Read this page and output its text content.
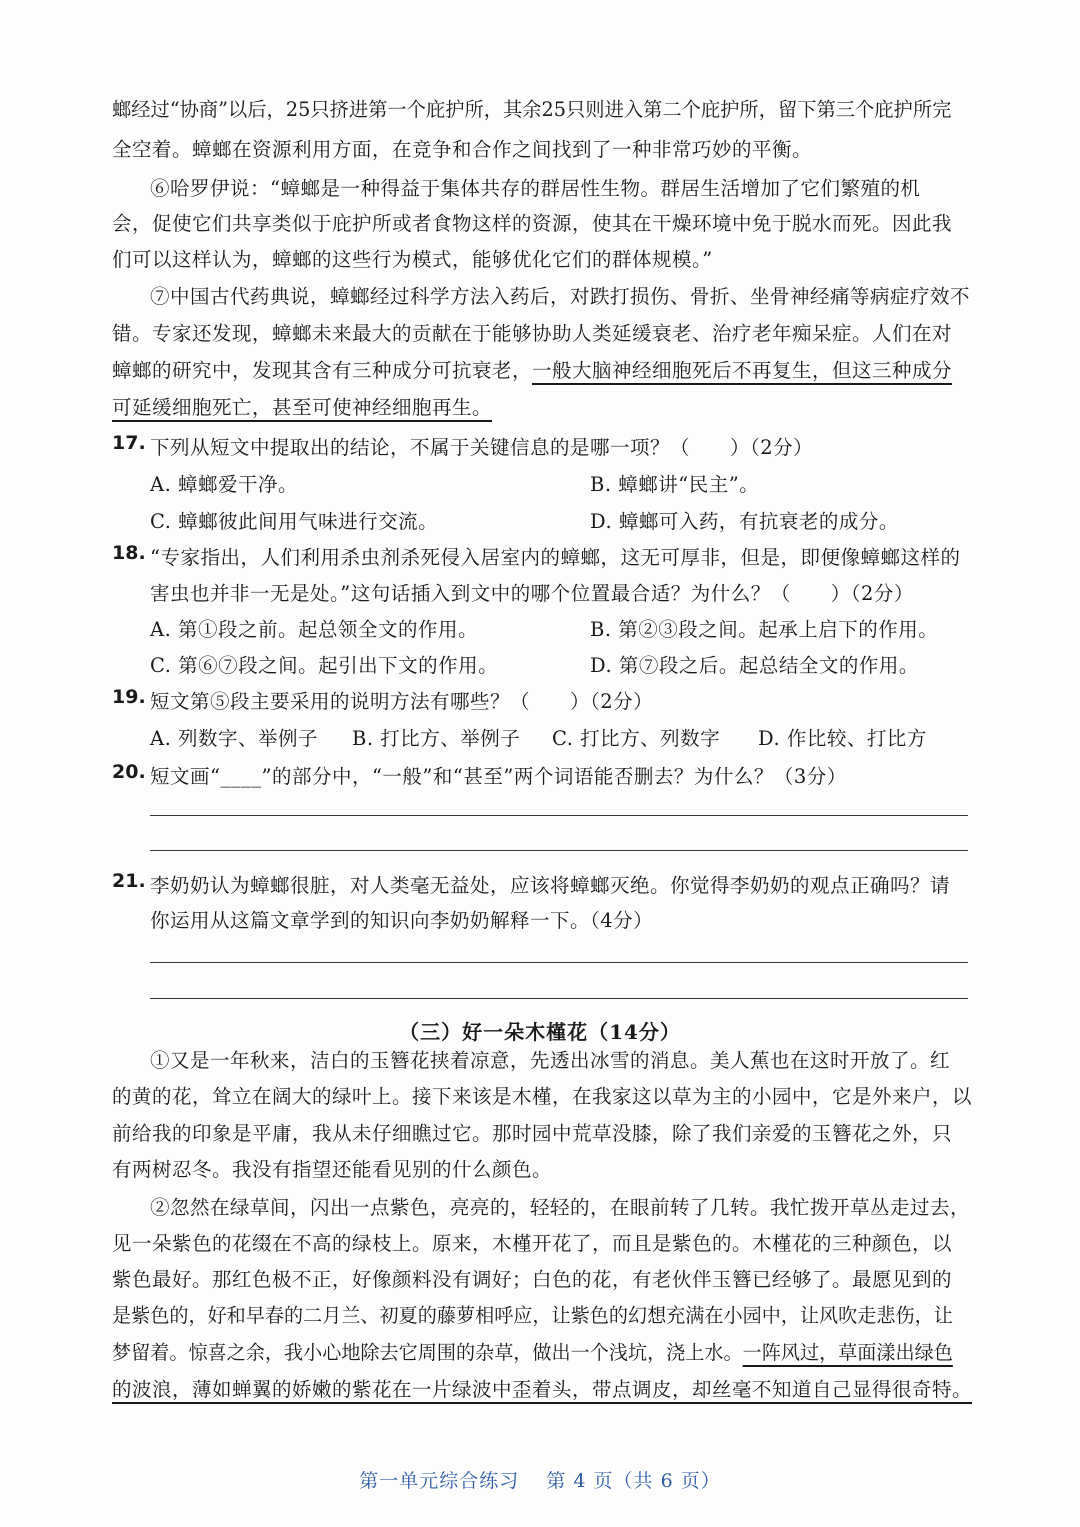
螂经过“协商”以后，25只挤进第一个庇护所，其余25只则进入第二个庇护所，留下第三个庇护所完
全空着。蟑螂在资源利用方面，在竞争和合作之间找到了一种非常巧妙的平衡。
⑥哈罗伊说：“蟑螂是一种得益于集体共存的群居性生物。群居生活增加了它们繁殖的机
会，促使它们共享类似于庇护所或者食物这样的资源，使其在干燥环境中免于脱水而死。因此我
们可以这样认为，蟑螂的这些行为模式，能够优化它们的群体规模。”
⑦中国古代药典说，蟑螂经过科学方法入药后，对跌打损伤、骨折、坐骨神经痛等病症疗效不
错。专家还发现，蟑螂未来最大的贡献在于能够协助人类延缓衰老、治疗老年痴呆症。人们在对
蟑螂的研究中，发现其含有三种成分可抗衰老，一般大脑神经细胞死后不再复生，但这三种成分
可延缓细胞死亡，甚至可使神经细胞再生。
17. 下列从短文中提取出的结论，不属于关键信息的是哪一项？（　　）（2分）
A. 蟑螂爱干净。	B. 蟑螂讲“民主”。
C. 蟑螂彼此间用气味进行交流。	D. 蟑螂可入药，有抗衰老的成分。
18. “专家指出，人们利用杀虫剂杀死侵入居室内的蟑螂，这无可厚非，但是，即便像蟑螂这样的
害虫也并非一无是处。”这句话插入到文中的哪个位置最合适？为什么？（　　）（2分）
A. 第①段之前。起总领全文的作用。	B. 第②③段之间。起承上启下的作用。
C. 第⑥⑦段之间。起引出下文的作用。	D. 第⑦段之后。起总结全文的作用。
19. 短文第⑤段主要采用的说明方法有哪些？（　　）（2分）
A. 列数字、举例子 B. 打比方、举例子 C. 打比方、列数字 D. 作比较、打比方
20. 短文画“____”的部分中，“一般”和“甚至”两个词语能否删去？为什么？（3分）
21. 李奶奶认为蟑螂很脏，对人类毫无益处，应该将蟑螂灭绝。你觉得李奶奶的观点正确吗？请
你运用从这篇文章学到的知识向李奶奶解释一下。（4分）
（三）好一朵木槿花（14分）
①又是一年秋来，洁白的玉簪花挟着凉意，先透出冰雪的消息。美人蕉也在这时开放了。红
的黄的花，耸立在阔大的绿叶上。接下来该是木槿，在我家这以草为主的小园中，它是外来户，以
前给我的印象是平庸，我从未仔细瞧过它。那时园中荒草没膝，除了我们亲爱的玉簪花之外，只
有两树忍冬。我没有指望还能看见别的什么颜色。
②忽然在绿草间，闪出一点紫色，亮亮的，轻轻的，在眼前转了几转。我忙拨开草丛走过去，
见一朵紫色的花缀在不高的绿枝上。原来，木槿开花了，而且是紫色的。木槿花的三种颜色，以
紫色最好。那红色极不正，好像颜料没有调好；白色的花，有老伙伴玉簪已经够了。最愿见到的
是紫色的，好和早春的二月兰、初夏的藤萝相呼应，让紫色的幻想充满在小园中，让风吹走悲伤，让
梦留着。惊喜之余，我小心地除去它周围的杂草，做出一个浅坑，浇上水。一阵风过，草面漾出绿色
的波浪，薄如蝉翼的娇嫩的紫花在一片绿波中歪着头，带点调皮，却丝毫不知道自己显得很奇特。
第一单元综合练习 第 4 页（共 6 页）
